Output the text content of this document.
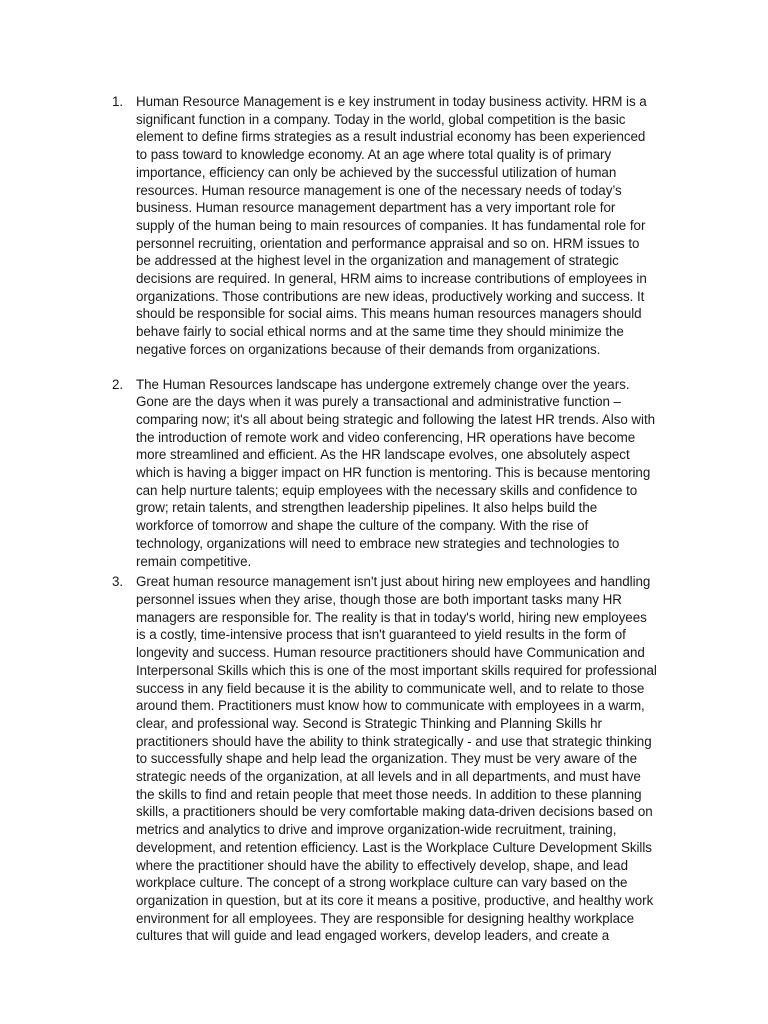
1. Human Resource Management is e key instrument in today business activity. HRM is a significant function in a company. Today in the world, global competition is the basic element to define firms strategies as a result industrial economy has been experienced to pass toward to knowledge economy. At an age where total quality is of primary importance, efficiency can only be achieved by the successful utilization of human resources. Human resource management is one of the necessary needs of today’s business. Human resource management department has a very important role for supply of the human being to main resources of companies. It has fundamental role for personnel recruiting, orientation and performance appraisal and so on. HRM issues to be addressed at the highest level in the organization and management of strategic decisions are required. In general, HRM aims to increase contributions of employees in organizations. Those contributions are new ideas, productively working and success. It should be responsible for social aims. This means human resources managers should behave fairly to social ethical norms and at the same time they should minimize the negative forces on organizations because of their demands from organizations.
2. The Human Resources landscape has undergone extremely change over the years. Gone are the days when it was purely a transactional and administrative function – comparing now; it's all about being strategic and following the latest HR trends. Also with the introduction of remote work and video conferencing, HR operations have become more streamlined and efficient. As the HR landscape evolves, one absolutely aspect which is having a bigger impact on HR function is mentoring. This is because mentoring can help nurture talents; equip employees with the necessary skills and confidence to grow; retain talents, and strengthen leadership pipelines. It also helps build the workforce of tomorrow and shape the culture of the company. With the rise of technology, organizations will need to embrace new strategies and technologies to remain competitive.
3. Great human resource management isn't just about hiring new employees and handling personnel issues when they arise, though those are both important tasks many HR managers are responsible for. The reality is that in today's world, hiring new employees is a costly, time-intensive process that isn't guaranteed to yield results in the form of longevity and success. Human resource practitioners should have Communication and Interpersonal Skills which this is one of the most important skills required for professional success in any field because it is the ability to communicate well, and to relate to those around them. Practitioners must know how to communicate with employees in a warm, clear, and professional way. Second is Strategic Thinking and Planning Skills hr practitioners should have the ability to think strategically - and use that strategic thinking to successfully shape and help lead the organization. They must be very aware of the strategic needs of the organization, at all levels and in all departments, and must have the skills to find and retain people that meet those needs. In addition to these planning skills, a practitioners should be very comfortable making data-driven decisions based on metrics and analytics to drive and improve organization-wide recruitment, training, development, and retention efficiency. Last is the Workplace Culture Development Skills where the practitioner should have the ability to effectively develop, shape, and lead workplace culture. The concept of a strong workplace culture can vary based on the organization in question, but at its core it means a positive, productive, and healthy work environment for all employees. They are responsible for designing healthy workplace cultures that will guide and lead engaged workers, develop leaders, and create a
